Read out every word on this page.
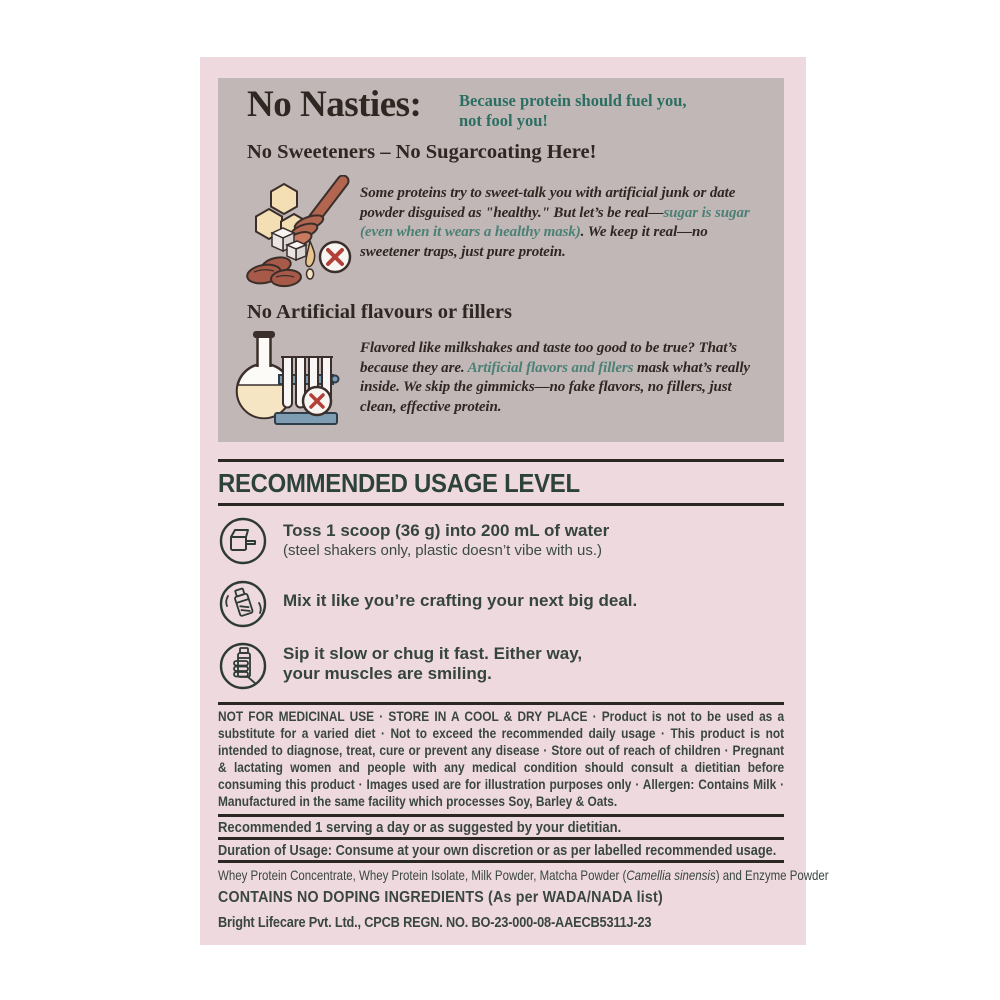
No Nasties: Because protein should fuel you,
not fool you!
No Sweeteners – No Sugarcoating Here!
Some proteins try to sweet-talk you with artificial junk or date powder disguised as "healthy." But let’s be real—sugar is sugar (even when it wears a healthy mask). We keep it real—no sweetener traps, just pure protein.
No Artificial flavours or fillers
Flavored like milkshakes and taste too good to be true? That’s because they are. Artificial flavors and fillers mask what’s really inside. We skip the gimmicks—no fake flavors, no fillers, just clean, effective protein.
RECOMMENDED USAGE LEVEL
Toss 1 scoop (36 g) into 200 mL of water
(steel shakers only, plastic doesn’t vibe with us.)
Mix it like you’re crafting your next big deal.
Sip it slow or chug it fast. Either way,
your muscles are smiling.
NOT FOR MEDICINAL USE · STORE IN A COOL & DRY PLACE · Product is not to be used as a substitute for a varied diet · Not to exceed the recommended daily usage · This product is not intended to diagnose, treat, cure or prevent any disease · Store out of reach of children · Pregnant & lactating women and people with any medical condition should consult a dietitian before consuming this product · Images used are for illustration purposes only · Allergen: Contains Milk · Manufactured in the same facility which processes Soy, Barley & Oats.
Recommended 1 serving a day or as suggested by your dietitian.
Duration of Usage: Consume at your own discretion or as per labelled recommended usage.
Whey Protein Concentrate, Whey Protein Isolate, Milk Powder, Matcha Powder (Camellia sinensis) and Enzyme Powder
CONTAINS NO DOPING INGREDIENTS (As per WADA/NADA list)
Bright Lifecare Pvt. Ltd., CPCB REGN. NO. BO-23-000-08-AAECB5311J-23
